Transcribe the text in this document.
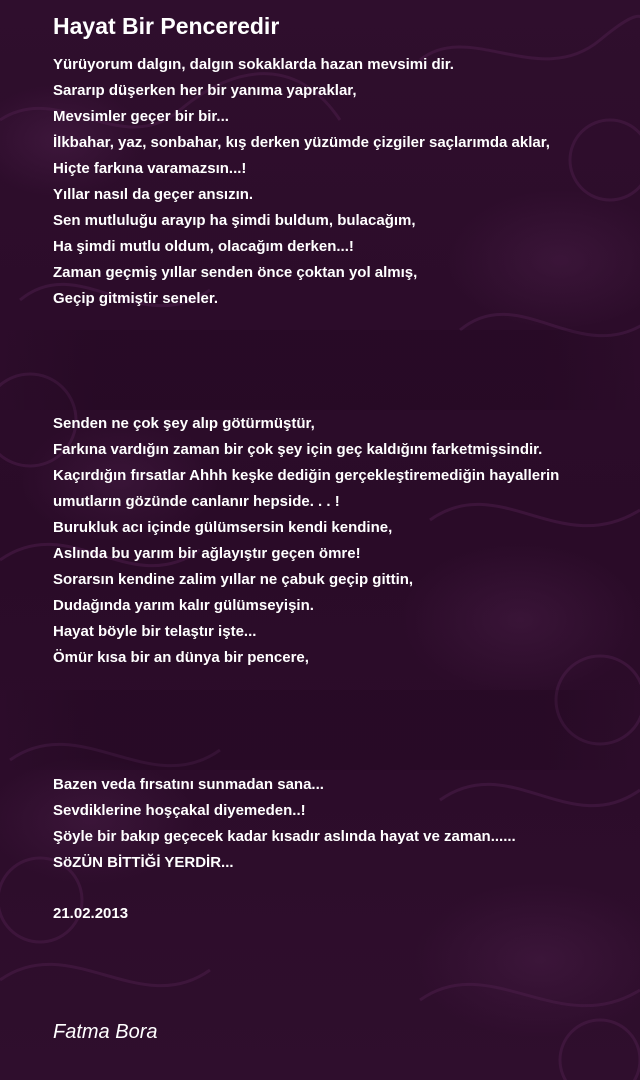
Hayat Bir Penceredir
Yürüyorum dalgın, dalgın sokaklarda hazan mevsimi dir.
Sararıp düşerken her bir yanıma yapraklar,
Mevsimler geçer bir bir...
İlkbahar, yaz, sonbahar, kış derken yüzümde çizgiler saçlarımda aklar,
Hiçte farkına varamazsın...!
Yıllar nasıl da geçer ansızın.
Sen mutluluğu arayıp ha şimdi buldum, bulacağım,
Ha şimdi mutlu oldum, olacağım derken...!
Zaman geçmiş yıllar senden önce çoktan yol almış,
Geçip gitmiştir seneler.
Senden ne çok şey alıp götürmüştür,
Farkına vardığın zaman bir çok şey için geç kaldığını farketmişsindir.
Kaçırdığın fırsatlar Ahhh keşke dediğin gerçekleştiremediğin hayallerin
umutların gözünde canlanır hepside. . . !
Burukluk acı içinde gülümsersin kendi kendine,
Aslında bu yarım bir ağlayıştır geçen ömre!
Sorarsın kendine zalim yıllar ne çabuk geçip gittin,
Dudağında yarım kalır gülümseyişin.
Hayat böyle bir telaştır işte...
Ömür kısa bir an dünya bir pencere,
Bazen veda fırsatını sunmadan sana...
Sevdiklerine hoşçakal diyemeden..!
Şöyle bir bakıp geçecek kadar kısadır aslında hayat ve zaman......
SöZÜN BİTTİĞİ YERDİR...
21.02.2013
Fatma Bora
